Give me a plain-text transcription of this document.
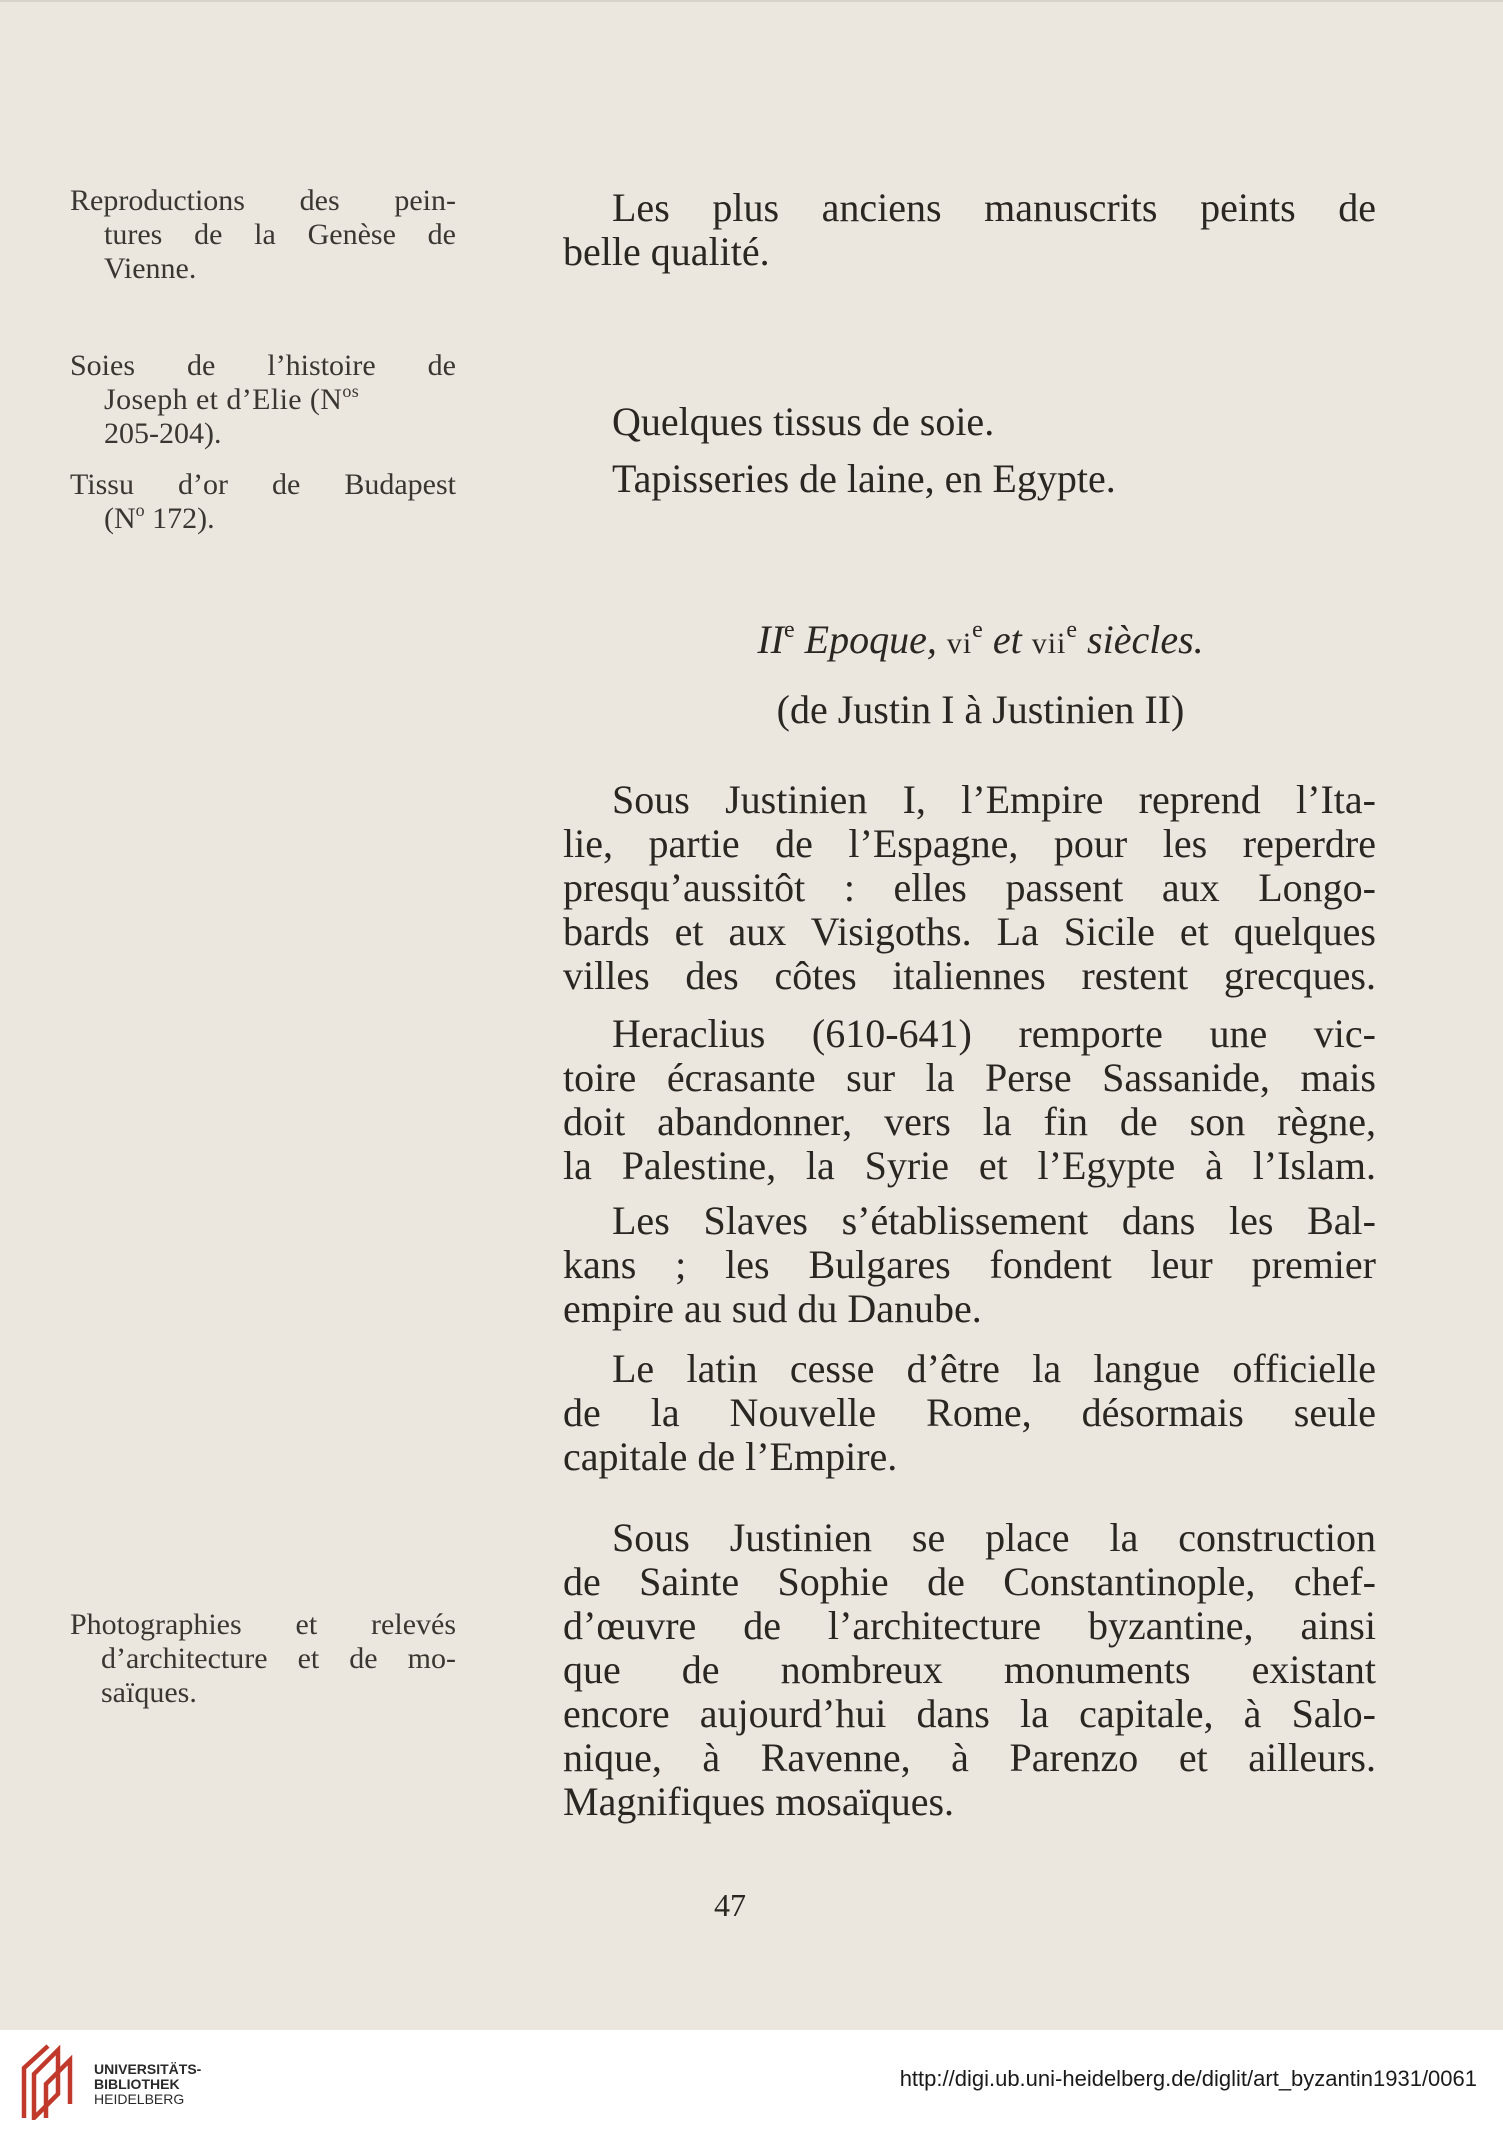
Reproductions des pein-
tures de la Genèse de
Vienne.
Soies de l’histoire de
Joseph et d’Elie ($N^{os}$
205-204).
Tissu d’or de Budapest
($N^o$ 172).
Photographies et relevés
d’architecture et de mo-
saïques.
Les plus anciens manuscrits peints de
belle qualité.
Quelques tissus de soie.
Tapisseries de laine, en Egypte.
IIe Epoque, $vi^e$ et vii$^e$ siècles.
(de Justin I à Justinien II)
Sous Justinien I, l’Empire reprend l’Ita-
lie, partie de l’Espagne, pour les reperdre
presqu’aussitôt : elles passent aux Longo-
bards et aux Visigoths. La Sicile et quelques
villes des côtes italiennes restent grecques.
Heraclius (610-641) remporte une vic-
toire écrasante sur la Perse Sassanide, mais
doit abandonner, vers la fin de son règne,
la Palestine, la Syrie et l’Egypte à l’Islam.
Les Slaves s’établissement dans les Bal-
kans ; les Bulgares fondent leur premier
empire au sud du Danube.
Le latin cesse d’être la langue officielle
de la Nouvelle Rome, désormais seule
capitale de l’Empire.
Sous Justinien se place la construction
de Sainte Sophie de Constantinople, chef-
d’œuvre de l’architecture byzantine, ainsi
que de nombreux monuments existant
encore aujourd’hui dans la capitale, à Salo-
nique, à Ravenne, à Parenzo et ailleurs.
Magnifiques mosaïques.
47
UNIVERSITÄTS-
BIBLIOTHEK
HEIDELBERG
http://digi.ub.uni-heidelberg.de/diglit/art_byzantin1931/0061
